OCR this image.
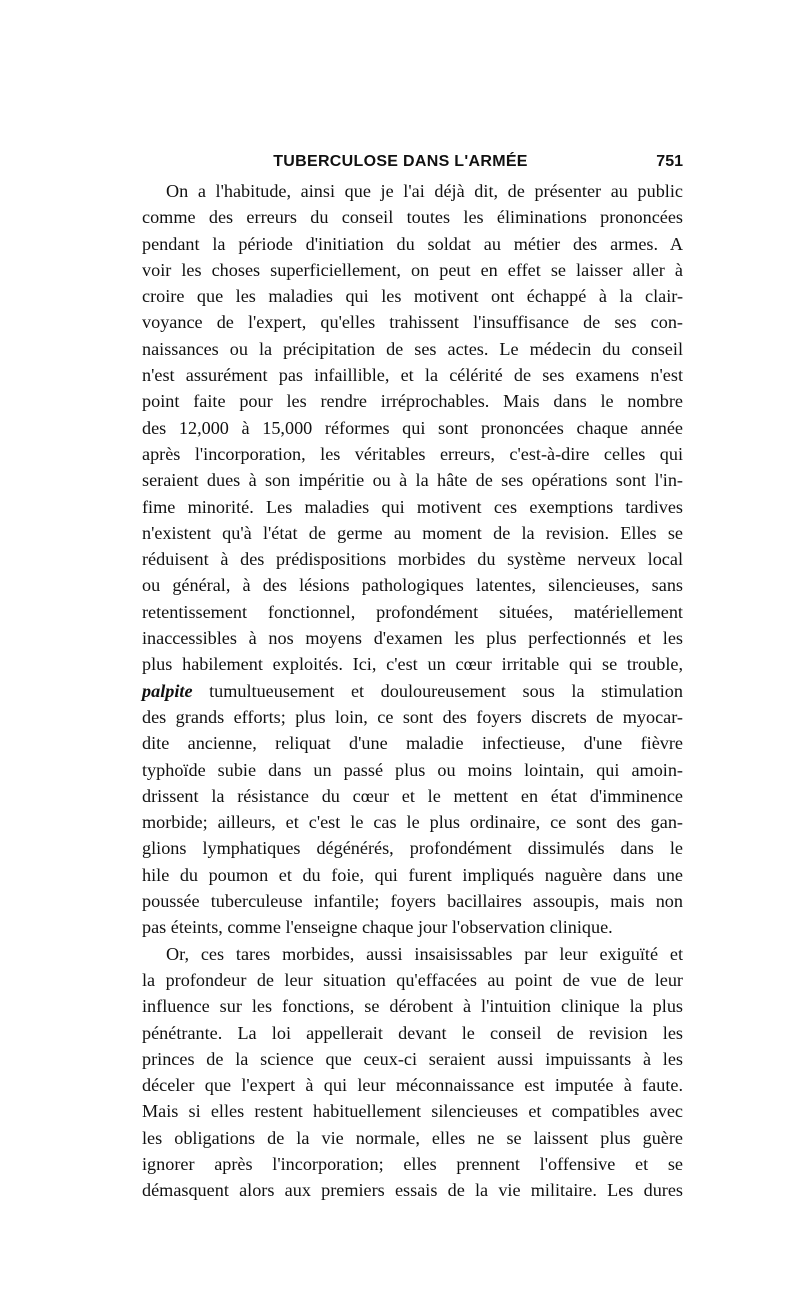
TUBERCULOSE DANS L'ARMÉE	751
On a l'habitude, ainsi que je l'ai déjà dit, de présenter au public
comme des erreurs du conseil toutes les éliminations prononcées
pendant la période d'initiation du soldat au métier des armes. A
voir les choses superficiellement, on peut en effet se laisser aller à
croire que les maladies qui les motivent ont échappé à la clair-
voyance de l'expert, qu'elles trahissent l'insuffisance de ses con-
naissances ou la précipitation de ses actes. Le médecin du conseil
n'est assurément pas infaillible, et la célérité de ses examens n'est
point faite pour les rendre irréprochables. Mais dans le nombre
des 12,000 à 15,000 réformes qui sont prononcées chaque année
après l'incorporation, les véritables erreurs, c'est-à-dire celles qui
seraient dues à son impéritie ou à la hâte de ses opérations sont l'in-
fime minorité. Les maladies qui motivent ces exemptions tardives
n'existent qu'à l'état de germe au moment de la revision. Elles se
réduisent à des prédispositions morbides du système nerveux local
ou général, à des lésions pathologiques latentes, silencieuses, sans
retentissement fonctionnel, profondément situées, matériellement
inaccessibles à nos moyens d'examen les plus perfectionnés et les
plus habilement exploités. Ici, c'est un cœur irritable qui se trouble,
palpite tumultueusement et douloureusement sous la stimulation
des grands efforts; plus loin, ce sont des foyers discrets de myocar-
dite ancienne, reliquat d'une maladie infectieuse, d'une fièvre
typhoïde subie dans un passé plus ou moins lointain, qui amoin-
drissent la résistance du cœur et le mettent en état d'imminence
morbide; ailleurs, et c'est le cas le plus ordinaire, ce sont des gan-
glions lymphatiques dégénérés, profondément dissimulés dans le
hile du poumon et du foie, qui furent impliqués naguère dans une
poussée tuberculeuse infantile; foyers bacillaires assoupis, mais non
pas éteints, comme l'enseigne chaque jour l'observation clinique.
Or, ces tares morbides, aussi insaisissables par leur exiguïté et
la profondeur de leur situation qu'effacées au point de vue de leur
influence sur les fonctions, se dérobent à l'intuition clinique la plus
pénétrante. La loi appellerait devant le conseil de revision les
princes de la science que ceux-ci seraient aussi impuissants à les
déceler que l'expert à qui leur méconnaissance est imputée à faute.
Mais si elles restent habituellement silencieuses et compatibles avec
les obligations de la vie normale, elles ne se laissent plus guère
ignorer après l'incorporation; elles prennent l'offensive et se
démasquent alors aux premiers essais de la vie militaire. Les dures
